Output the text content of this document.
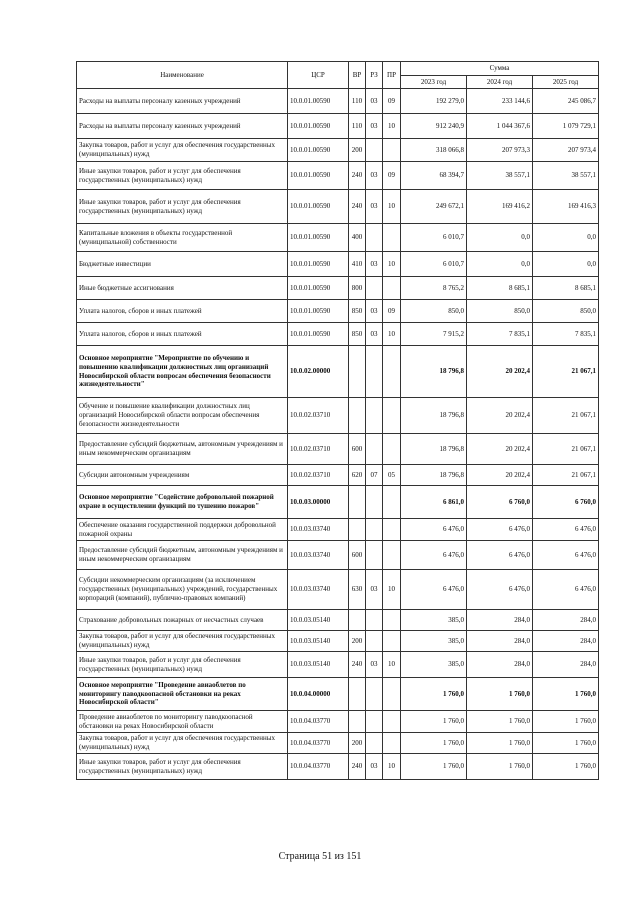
Наименование	ЦСР	ВР	РЗ	ПР	Сумма		
					2023 год	2024 год	2025 год
Расходы на выплаты персоналу казенных учреждений	10.0.01.00590	110	03	09	192 279,0	233 144,6	245 086,7
Расходы на выплаты персоналу казенных учреждений	10.0.01.00590	110	03	10	912 240,9	1 044 367,6	1 079 729,1
Закупка товаров, работ и услуг для обеспечения государственных (муниципальных) нужд	10.0.01.00590	200			318 066,8	207 973,3	207 973,4
Иные закупки товаров, работ и услуг для обеспечения государственных (муниципальных) нужд	10.0.01.00590	240	03	09	68 394,7	38 557,1	38 557,1
Иные закупки товаров, работ и услуг для обеспечения государственных (муниципальных) нужд	10.0.01.00590	240	03	10	249 672,1	169 416,2	169 416,3
Капитальные вложения в объекты государственной (муниципальной) собственности	10.0.01.00590	400			6 010,7	0,0	0,0
Бюджетные инвестиции	10.0.01.00590	410	03	10	6 010,7	0,0	0,0
Иные бюджетные ассигнования	10.0.01.00590	800			8 765,2	8 685,1	8 685,1
Уплата налогов, сборов и иных платежей	10.0.01.00590	850	03	09	850,0	850,0	850,0
Уплата налогов, сборов и иных платежей	10.0.01.00590	850	03	10	7 915,2	7 835,1	7 835,1
Основное мероприятие "Мероприятие по обучению и повышению квалификации должностных лиц организаций Новосибирской области вопросам обеспечения безопасности жизнедеятельности"	10.0.02.00000				18 796,8	20 202,4	21 067,1
Обучение и повышение квалификации должностных лиц организаций Новосибирской области вопросам обеспечения безопасности жизнедеятельности	10.0.02.03710				18 796,8	20 202,4	21 067,1
Предоставление субсидий бюджетным, автономным учреждениям и иным некоммерческим организациям	10.0.02.03710	600			18 796,8	20 202,4	21 067,1
Субсидии автономным учреждениям	10.0.02.03710	620	07	05	18 796,8	20 202,4	21 067,1
Основное мероприятие "Содействие добровольной пожарной охране в осуществлении функций по тушению пожаров"	10.0.03.00000				6 861,0	6 760,0	6 760,0
Обеспечение оказания государственной поддержки добровольной пожарной охраны	10.0.03.03740				6 476,0	6 476,0	6 476,0
Предоставление субсидий бюджетным, автономным учреждениям и иным некоммерческим организациям	10.0.03.03740	600			6 476,0	6 476,0	6 476,0
Субсидии некоммерческим организациям (за исключением государственных (муниципальных) учреждений, государственных корпораций (компаний), публично-правовых компаний)	10.0.03.03740	630	03	10	6 476,0	6 476,0	6 476,0
Страхование добровольных пожарных от несчастных случаев	10.0.03.05140				385,0	284,0	284,0
Закупка товаров, работ и услуг для обеспечения государственных (муниципальных) нужд	10.0.03.05140	200			385,0	284,0	284,0
Иные закупки товаров, работ и услуг для обеспечения государственных (муниципальных) нужд	10.0.03.05140	240	03	10	385,0	284,0	284,0
Основное мероприятие "Проведение авиаоблетов по мониторингу паводкоопасной обстановки на реках Новосибирской области"	10.0.04.00000				1 760,0	1 760,0	1 760,0
Проведение авиаоблетов по мониторингу паводкоопасной обстановки на реках Новосибирской области	10.0.04.03770				1 760,0	1 760,0	1 760,0
Закупка товаров, работ и услуг для обеспечения государственных (муниципальных) нужд	10.0.04.03770	200			1 760,0	1 760,0	1 760,0
Иные закупки товаров, работ и услуг для обеспечения государственных (муниципальных) нужд	10.0.04.03770	240	03	10	1 760,0	1 760,0	1 760,0
Страница 51 из 151
